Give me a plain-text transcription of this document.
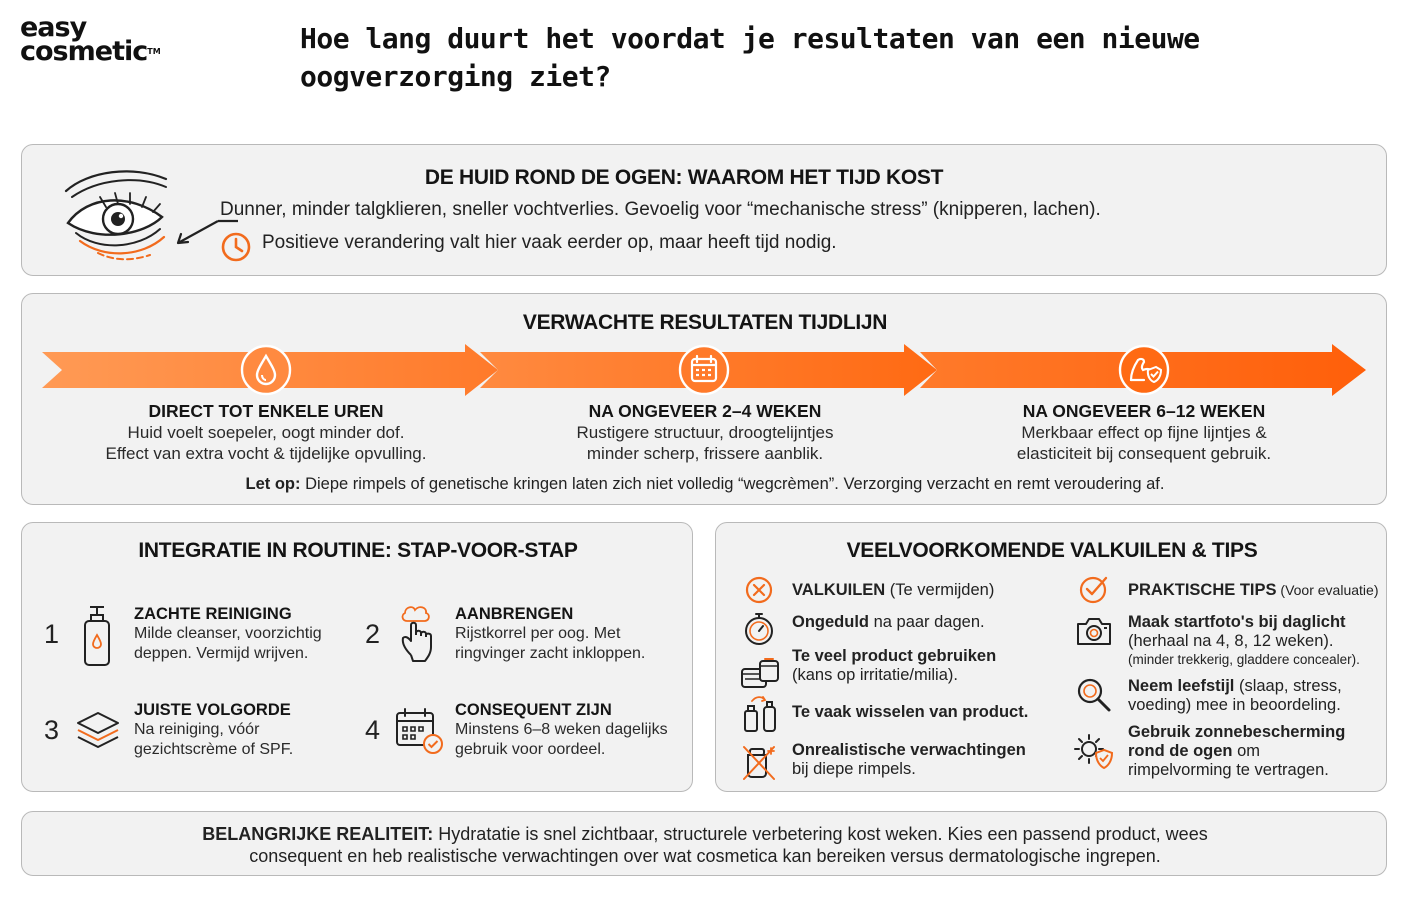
easy
cosmetic™	Hoe lang duurt het voordat je resultaten van een nieuwe oogverzorging ziet?
DE HUID ROND DE OGEN: WAAROM HET TIJD KOST
Dunner, minder talgklieren, sneller vochtverlies. Gevoelig voor “mechanische stress” (knipperen, lachen).
Positieve verandering valt hier vaak eerder op, maar heeft tijd nodig.
VERWACHTE RESULTATEN TIJDLIJN
DIRECT TOT ENKELE UREN
Huid voelt soepeler, oogt minder dof.
Effect van extra vocht & tijdelijke opvulling.
NA ONGEVEER 2–4 WEKEN
Rustigere structuur, droogtelijntjes
minder scherp, frissere aanblik.
NA ONGEVEER 6–12 WEKEN
Merkbaar effect op fijne lijntjes &
elasticiteit bij consequent gebruik.
Let op: Diepe rimpels of genetische kringen laten zich niet volledig “wegcrèmen”. Verzorging verzacht en remt veroudering af.
INTEGRATIE IN ROUTINE: STAP-VOOR-STAP
1
ZACHTE REINIGING
Milde cleanser, voorzichtig
deppen. Vermijd wrijven.
2
AANBRENGEN
Rijstkorrel per oog. Met
ringvinger zacht inkloppen.
3
JUISTE VOLGORDE
Na reiniging, vóór
gezichtscrème of SPF.
4
CONSEQUENT ZIJN
Minstens 6–8 weken dagelijks
gebruik voor oordeel.
VEELVOORKOMENDE VALKUILEN & TIPS
VALKUILEN (Te vermijden)
Ongeduld na paar dagen.
Te veel product gebruiken
(kans op irritatie/milia).
Te vaak wisselen van product.
Onrealistische verwachtingen
bij diepe rimpels.
PRAKTISCHE TIPS (Voor evaluatie)
Maak startfoto's bij daglicht
(herhaal na 4, 8, 12 weken).
(minder trekkerig, gladdere concealer).
Neem leefstijl (slaap, stress,
voeding) mee in beoordeling.
Gebruik zonnebescherming
rond de ogen om
rimpelvorming te vertragen.
BELANGRIJKE REALITEIT: Hydratatie is snel zichtbaar, structurele verbetering kost weken. Kies een passend product, wees
consequent en heb realistische verwachtingen over wat cosmetica kan bereiken versus dermatologische ingrepen.
